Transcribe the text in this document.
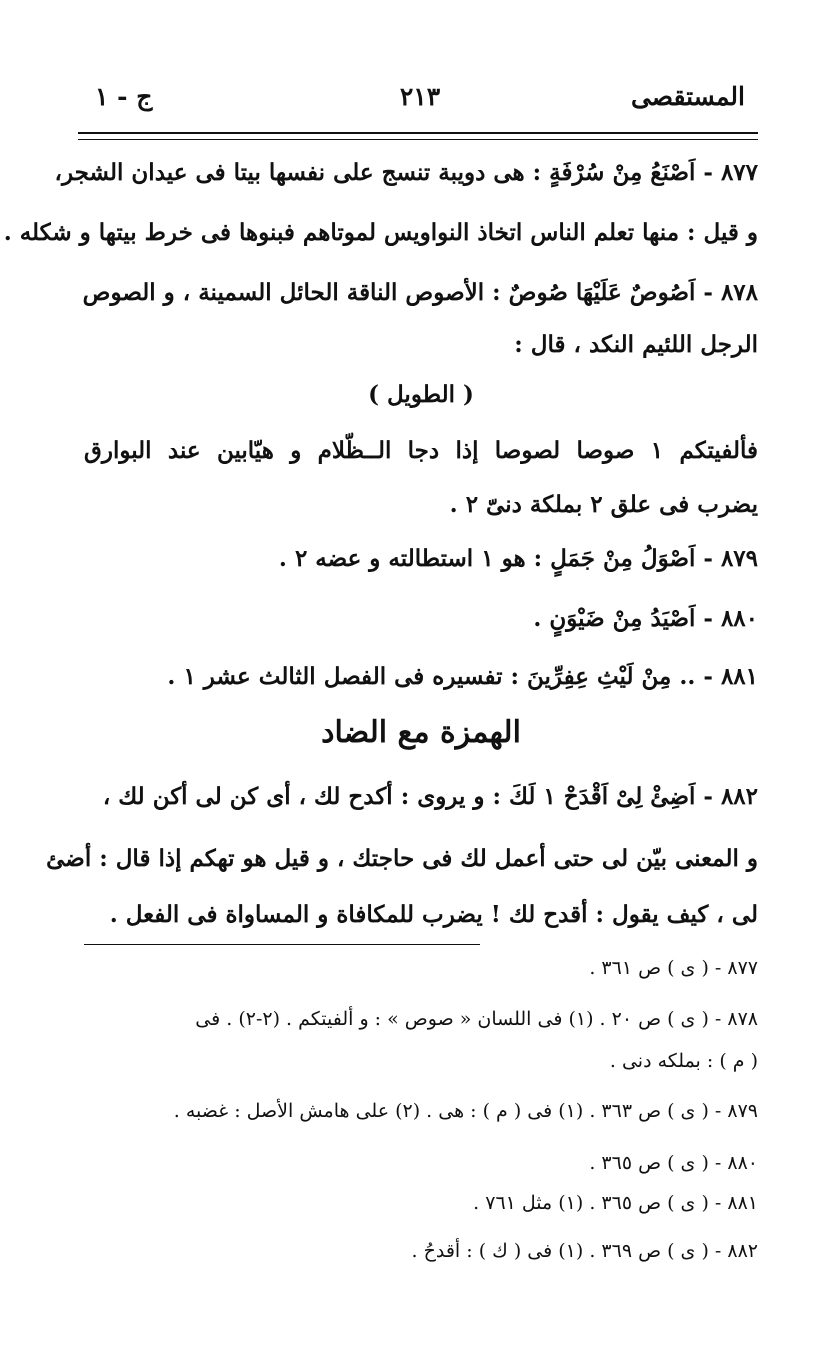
المستقصى
٢١٣
ج - ١

٨٧٧ - اَصْنَعُ مِنْ سُرْفَةٍ : هى دويبة تنسج على نفسها بيتا فى عيدان الشجر،

و قيل : منها تعلم الناس اتخاذ النواويس لموتاهم فبنوها فى خرط بيتها و شكله .

٨٧٨ - اَصُوصٌ عَلَيْهَا صُوصٌ : الأصوص الناقة الحائل السمينة ، و الصوص

الرجل اللئيم النكد ، قال :

( الطويل )

فألفيتكم ١ صوصا لصوصا إذا دجا الــظّلام و هيّابين عند البوارق

يضرب فى علق ٢ بملكة دنىّ ٢ .

٨٧٩ - اَصْوَلُ مِنْ جَمَلٍ : هو ١ استطالته و عضه ٢ .

٨٨٠ - اَصْيَدُ مِنْ ضَيْوَنٍ .

٨٨١ - .. مِنْ لَيْثِ عِفِرِّينَ : تفسيره فى الفصل الثالث عشر ١ .

الهمزة مع الضاد

٨٨٢ - اَضِئْ لِىْ اَقْدَحْ ١ لَكَ : و يروى : أكدح لك ، أى كن لى أكن لك ،

و المعنى بيّن لى حتى أعمل لك فى حاجتك ، و قيل هو تهكم إذا قال : أضئ

لى ، كيف يقول : أقدح لك ! يضرب للمكافاة و المساواة فى الفعل .

٨٧٧ - ( ى ) ص ٣٦١ .
٨٧٨ - ( ى ) ص ٢٠ . (١) فى اللسان « صوص » : و ألفيتكم . (٢-٢) . فى
( م ) : بملكه دنى .
٨٧٩ - ( ى ) ص ٣٦٣ . (١) فى ( م ) : هى . (٢) على هامش الأصل : غضبه .
٨٨٠ - ( ى ) ص ٣٦٥ .
٨٨١ - ( ى ) ص ٣٦٥ . (١) مثل ٧٦١ .
٨٨٢ - ( ى ) ص ٣٦٩ . (١) فى ( ك ) : أقدحُ .
